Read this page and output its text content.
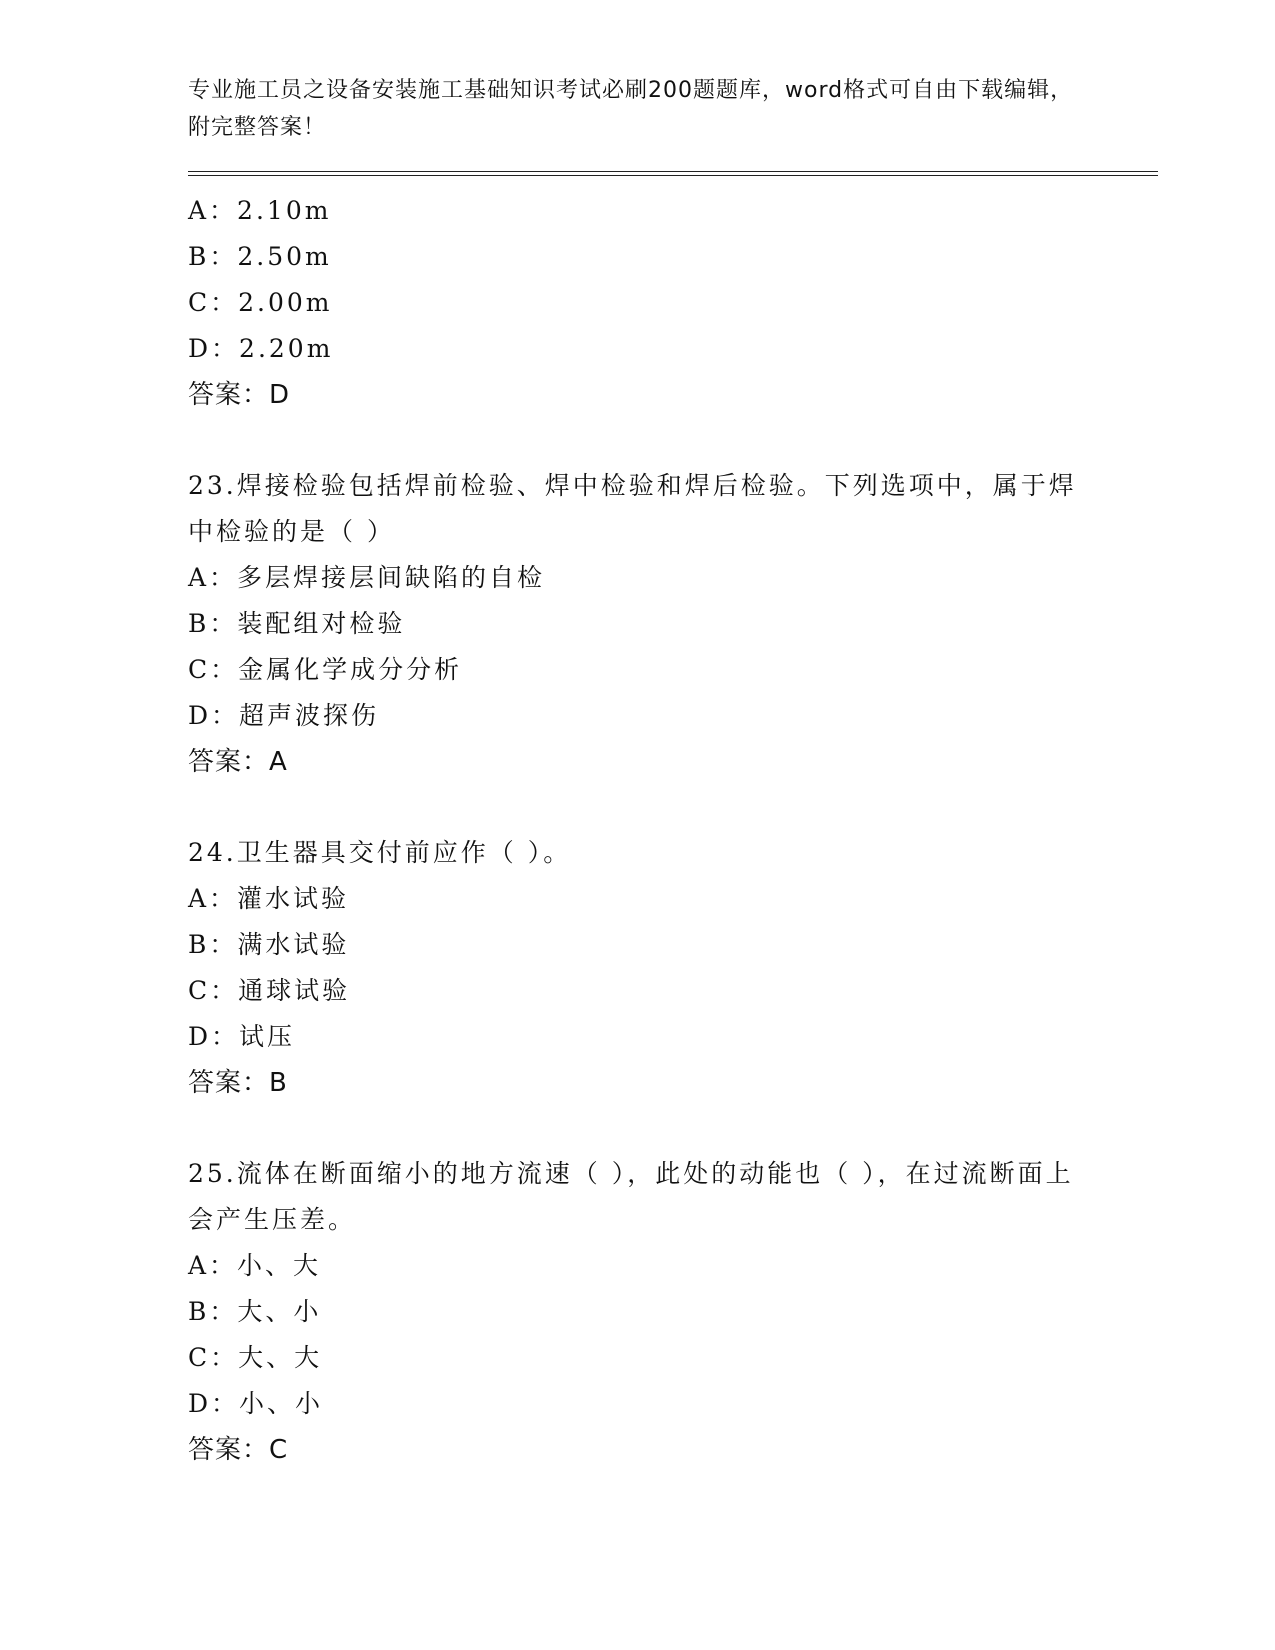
专业施工员之设备安装施工基础知识考试必刷200题题库，word格式可自由下载编辑，附完整答案！

A：2.10m
B：2.50m
C：2.00m
D：2.20m
答案：D
23.焊接检验包括焊前检验、焊中检验和焊后检验。下列选项中，属于焊中检验的是（ ）
A：多层焊接层间缺陷的自检
B：装配组对检验
C：金属化学成分分析
D：超声波探伤
答案：A
24.卫生器具交付前应作（ ）。
A：灌水试验
B：满水试验
C：通球试验
D：试压
答案：B
25.流体在断面缩小的地方流速（ ），此处的动能也（ ），在过流断面上会产生压差。
A：小、大
B：大、小
C：大、大
D：小、小
答案：C
